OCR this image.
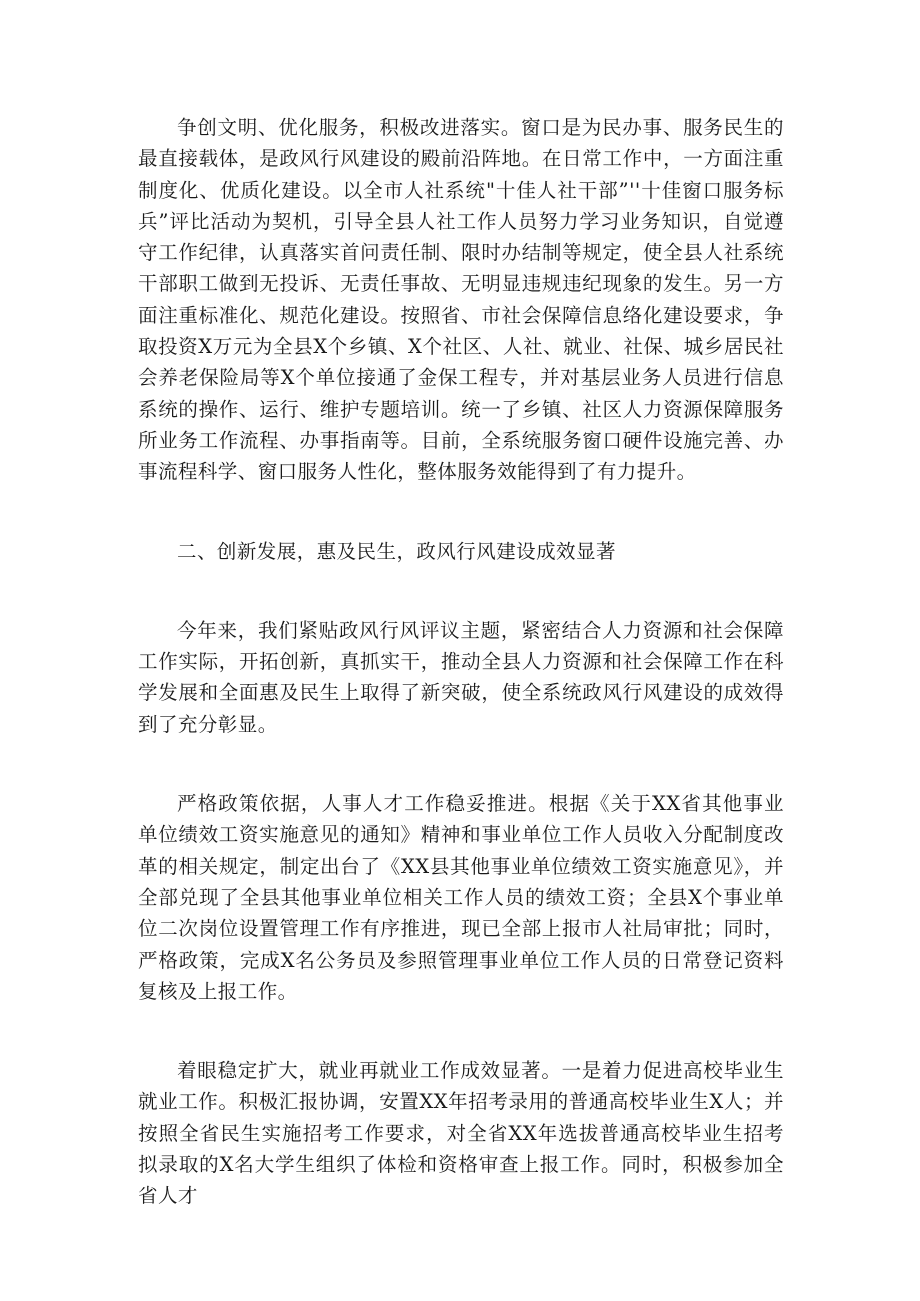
争创文明、优化服务，积极改进落实。窗口是为民办事、服务民生的最直接载体，是政风行风建设的殿前沿阵地。在日常工作中，一方面注重制度化、优质化建设。以全市人社系统"十佳人社干部”''十佳窗口服务标兵”评比活动为契机，引导全县人社工作人员努力学习业务知识，自觉遵守工作纪律，认真落实首问责任制、限时办结制等规定，使全县人社系统干部职工做到无投诉、无责任事故、无明显违规违纪现象的发生。另一方面注重标准化、规范化建设。按照省、市社会保障信息络化建设要求，争取投资X万元为全县X个乡镇、X个社区、人社、就业、社保、城乡居民社会养老保险局等X个单位接通了金保工程专，并对基层业务人员进行信息系统的操作、运行、维护专题培训。统一了乡镇、社区人力资源保障服务所业务工作流程、办事指南等。目前，全系统服务窗口硬件设施完善、办事流程科学、窗口服务人性化，整体服务效能得到了有力提升。

二、创新发展，惠及民生，政风行风建设成效显著

今年来，我们紧贴政风行风评议主题，紧密结合人力资源和社会保障工作实际，开拓创新，真抓实干，推动全县人力资源和社会保障工作在科学发展和全面惠及民生上取得了新突破，使全系统政风行风建设的成效得到了充分彰显。

严格政策依据，人事人才工作稳妥推进。根据《关于XX省其他事业单位绩效工资实施意见的通知》精神和事业单位工作人员收入分配制度改革的相关规定，制定出台了《XX县其他事业单位绩效工资实施意见》，并全部兑现了全县其他事业单位相关工作人员的绩效工资；全县X个事业单位二次岗位设置管理工作有序推进，现已全部上报市人社局审批；同时，严格政策，完成X名公务员及参照管理事业单位工作人员的日常登记资料复核及上报工作。

着眼稳定扩大，就业再就业工作成效显著。一是着力促进高校毕业生就业工作。积极汇报协调，安置XX年招考录用的普通高校毕业生X人；并按照全省民生实施招考工作要求，对全省XX年选拔普通高校毕业生招考拟录取的X名大学生组织了体检和资格审查上报工作。同时，积极参加全省人才
